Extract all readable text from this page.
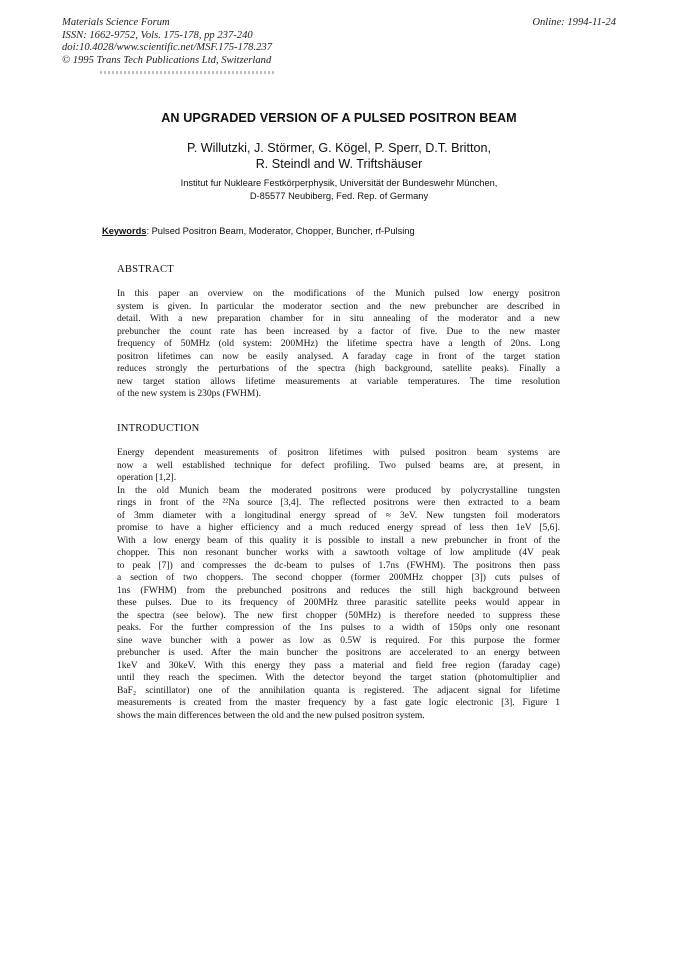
Materials Science Forum
ISSN: 1662-9752, Vols. 175-178, pp 237-240
doi:10.4028/www.scientific.net/MSF.175-178.237
© 1995 Trans Tech Publications Ltd, Switzerland
Online: 1994-11-24
AN UPGRADED VERSION OF A PULSED POSITRON BEAM
P. Willutzki, J. Störmer, G. Kögel, P. Sperr, D.T. Britton,
R. Steindl and W. Triftshäuser
Institut fur Nukleare Festkörperphysik, Universität der Bundeswehr München,
D-85577 Neubiberg, Fed. Rep. of Germany
Keywords: Pulsed Positron Beam, Moderator, Chopper, Buncher, rf-Pulsing
ABSTRACT
In this paper an overview on the modifications of the Munich pulsed low energy positron
system is given. In particular the moderator section and the new prebuncher are described in
detail. With a new preparation chamber for in situ annealing of the moderator and a new
prebuncher the count rate has been increased by a factor of five. Due to the new master
frequency of 50MHz (old system: 200MHz) the lifetime spectra have a length of 20ns. Long
positron lifetimes can now be easily analysed. A faraday cage in front of the target station
reduces strongly the perturbations of the spectra (high background, satellite peaks). Finally a
new target station allows lifetime measurements at variable temperatures. The time resolution
of the new system is 230ps (FWHM).
INTRODUCTION
Energy dependent measurements of positron lifetimes with pulsed positron beam systems are
now a well established technique for defect profiling. Two pulsed beams are, at present, in
operation [1,2].
In the old Munich beam the moderated positrons were produced by polycrystalline tungsten
rings in front of the ²²Na source [3,4]. The reflected positrons were then extracted to a beam
of 3mm diameter with a longitudinal energy spread of ≈ 3eV. New tungsten foil moderators
promise to have a higher efficiency and a much reduced energy spread of less then 1eV [5,6].
With a low energy beam of this quality it is possible to install a new prebuncher in front of the
chopper. This non resonant buncher works with a sawtooth voltage of low amplitude (4V peak
to peak [7]) and compresses the dc-beam to pulses of 1.7ns (FWHM). The positrons then pass
a section of two choppers. The second chopper (former 200MHz chopper [3]) cuts pulses of
1ns (FWHM) from the prebunched positrons and reduces the still high background between
these pulses. Due to its frequency of 200MHz three parasitic satellite peeks would appear in
the spectra (see below). The new first chopper (50MHz) is therefore needed to suppress these
peaks. For the further compression of the 1ns pulses to a width of 150ps only one resonant
sine wave buncher with a power as low as 0.5W is required. For this purpose the former
prebuncher is used. After the main buncher the positrons are accelerated to an energy between
1keV and 30keV. With this energy they pass a material and field free region (faraday cage)
until they reach the specimen. With the detector beyond the target station (photomultiplier and
BaF₂ scintillator) one of the annihilation quanta is registered. The adjacent signal for lifetime
measurements is created from the master frequency by a fast gate logic electronic [3]. Figure 1
shows the main differences between the old and the new pulsed positron system.
